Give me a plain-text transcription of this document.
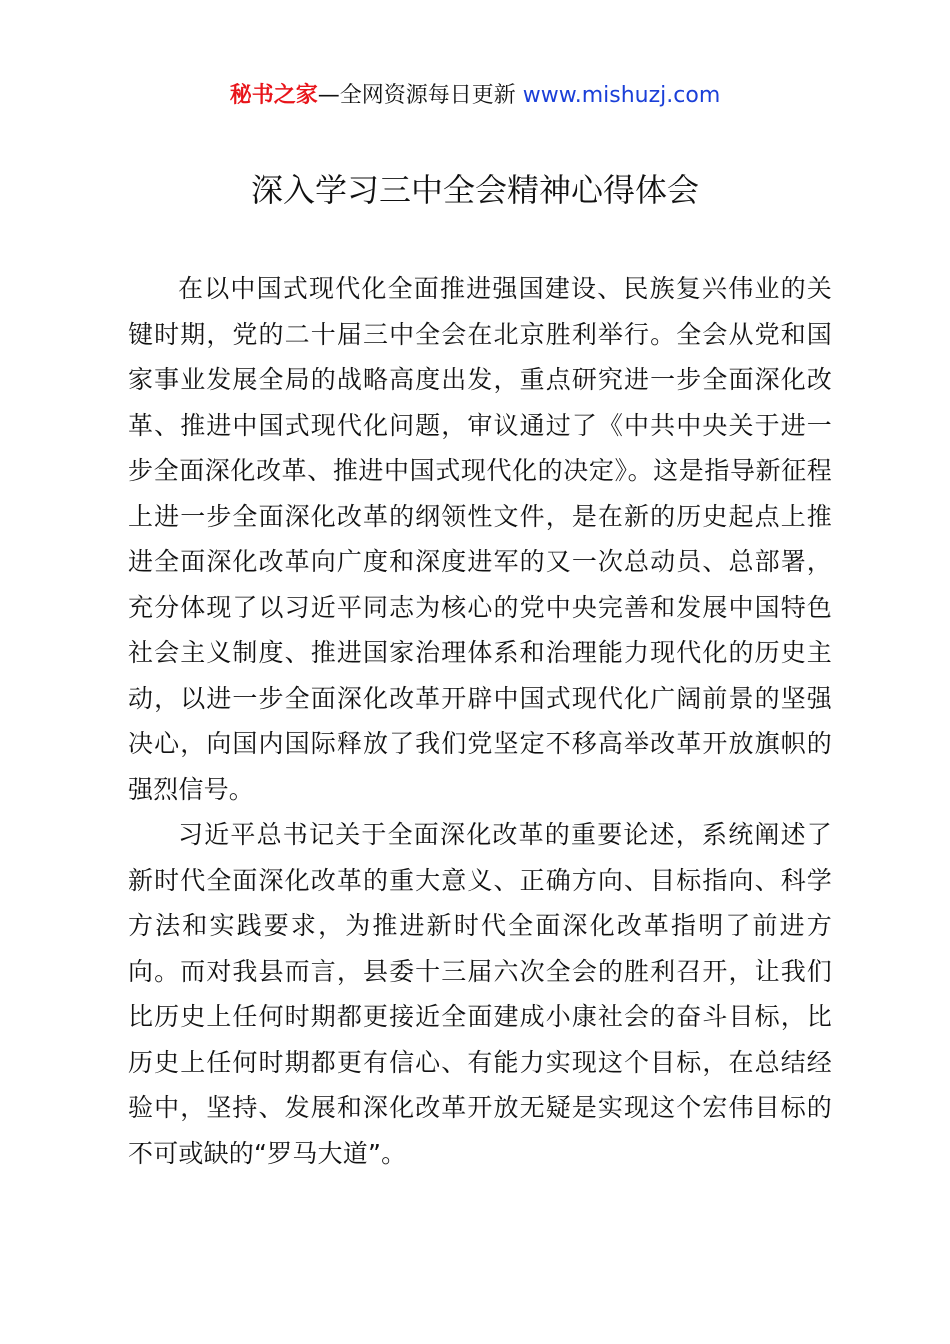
秘书之家—全网资源每日更新 www.mishuzj.com
深入学习三中全会精神心得体会

在以中国式现代化全面推进强国建设、民族复兴伟业的关键时期，党的二十届三中全会在北京胜利举行。全会从党和国家事业发展全局的战略高度出发，重点研究进一步全面深化改革、推进中国式现代化问题，审议通过了《中共中央关于进一步全面深化改革、推进中国式现代化的决定》。这是指导新征程上进一步全面深化改革的纲领性文件，是在新的历史起点上推进全面深化改革向广度和深度进军的又一次总动员、总部署，充分体现了以习近平同志为核心的党中央完善和发展中国特色社会主义制度、推进国家治理体系和治理能力现代化的历史主动，以进一步全面深化改革开辟中国式现代化广阔前景的坚强决心，向国内国际释放了我们党坚定不移高举改革开放旗帜的强烈信号。

习近平总书记关于全面深化改革的重要论述，系统阐述了新时代全面深化改革的重大意义、正确方向、目标指向、科学方法和实践要求，为推进新时代全面深化改革指明了前进方向。而对我县而言，县委十三届六次全会的胜利召开，让我们比历史上任何时期都更接近全面建成小康社会的奋斗目标，比历史上任何时期都更有信心、有能力实现这个目标，在总结经验中，坚持、发展和深化改革开放无疑是实现这个宏伟目标的不可或缺的“罗马大道”。
